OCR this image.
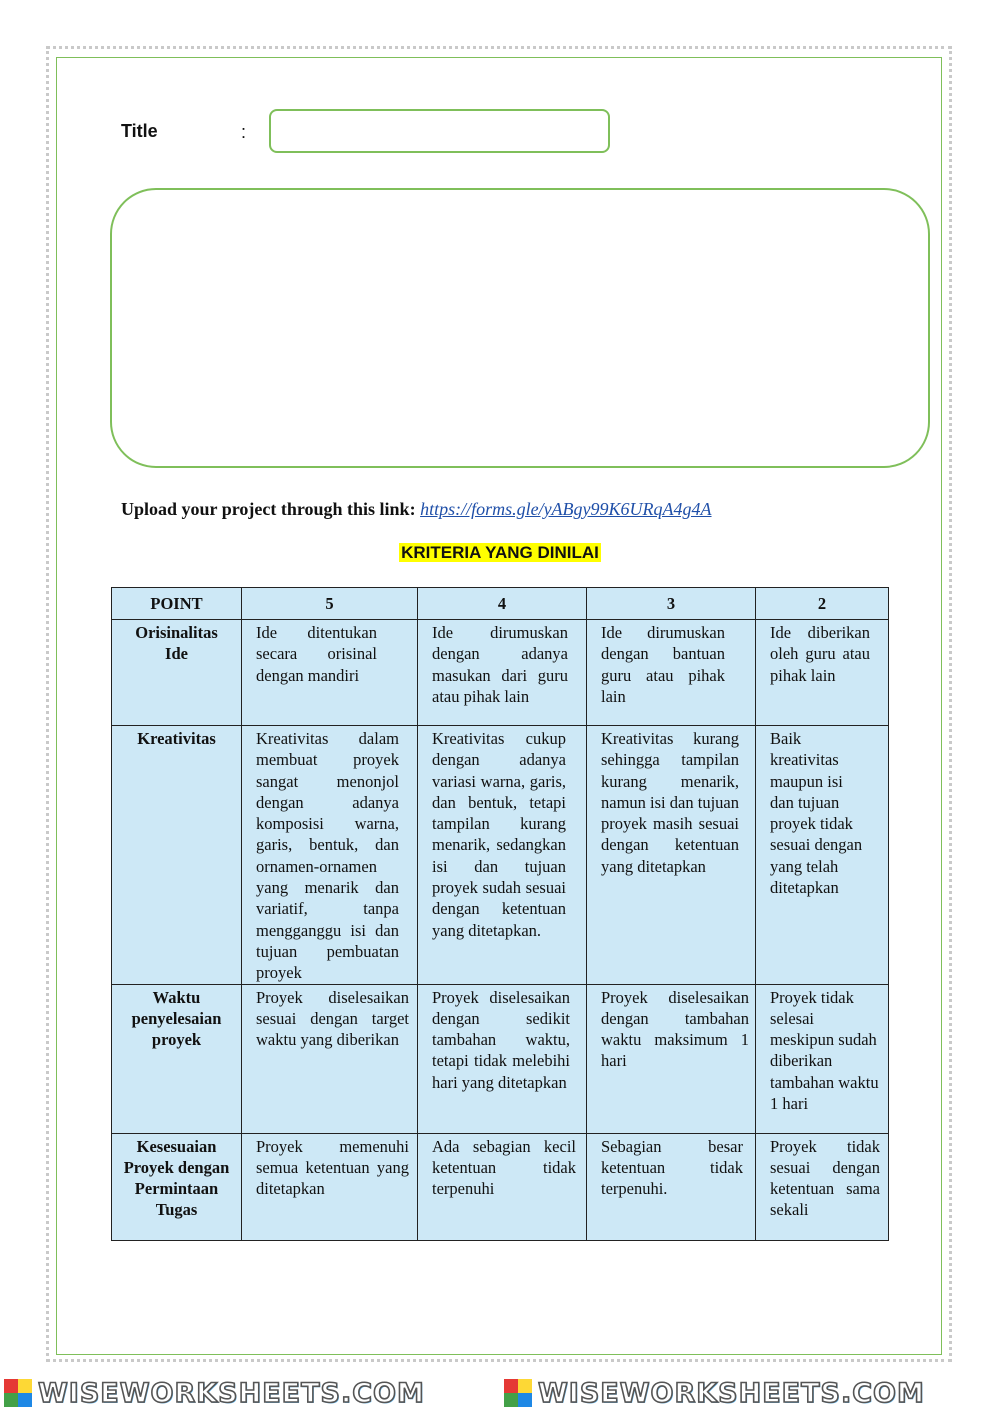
Title	:
Upload your project through this link: https://forms.gle/yABgy99K6URqA4g4A
KRITERIA YANG DINILAI
POINT	5	4	3	2
Orisinalitas Ide	Ide ditentukan secara orisinal dengan mandiri	Ide dirumuskan dengan adanya masukan dari guru atau pihak lain	Ide dirumuskan dengan bantuan guru atau pihak lain	Ide diberikan oleh guru atau pihak lain
Kreativitas	Kreativitas dalam membuat proyek sangat menonjol dengan adanya komposisi warna, garis, bentuk, dan ornamen-ornamen yang menarik dan variatif, tanpa mengganggu isi dan tujuan pembuatan proyek	Kreativitas cukup dengan adanya variasi warna, garis, dan bentuk, tetapi tampilan kurang menarik, sedangkan isi dan tujuan proyek sudah sesuai dengan ketentuan yang ditetapkan.	Kreativitas kurang sehingga tampilan kurang menarik, namun isi dan tujuan proyek masih sesuai dengan ketentuan yang ditetapkan	Baik kreativitas maupun isi dan tujuan proyek tidak sesuai dengan yang telah ditetapkan
Waktu penyelesaian proyek	Proyek diselesaikan sesuai dengan target waktu yang diberikan	Proyek diselesaikan dengan sedikit tambahan waktu, tetapi tidak melebihi hari yang ditetapkan	Proyek diselesaikan dengan tambahan waktu maksimum 1 hari	Proyek tidak selesai meskipun sudah diberikan tambahan waktu 1 hari
Kesesuaian Proyek dengan Permintaan Tugas	Proyek memenuhi semua ketentuan yang ditetapkan	Ada sebagian kecil ketentuan tidak terpenuhi	Sebagian besar ketentuan tidak terpenuhi.	Proyek tidak sesuai dengan ketentuan sama sekali
WISEWORKSHEETS.COM	WISEWORKSHEETS.COM
